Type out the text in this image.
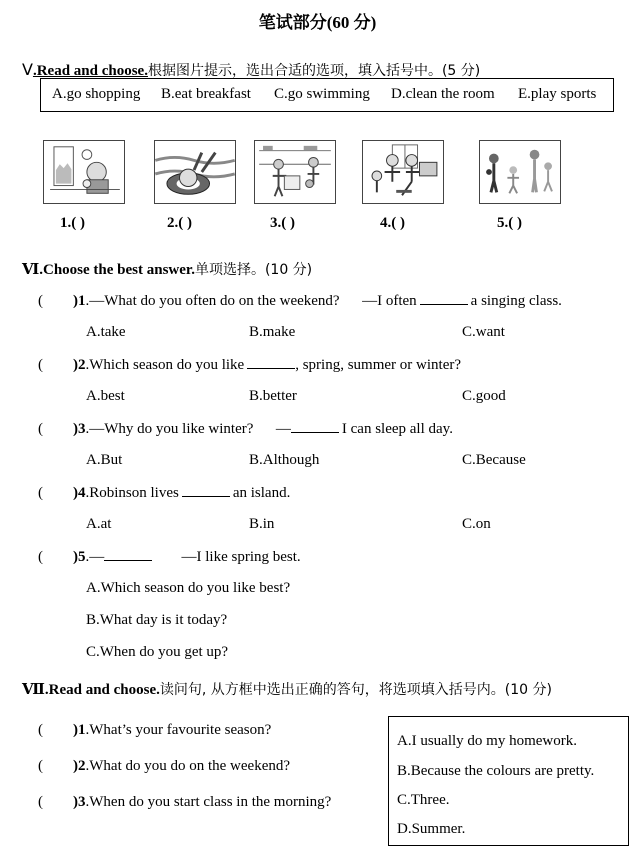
笔试部分(60 分)
Ⅴ.Read and choose.根据图片提示，选出合适的选项，填入括号中。(5 分)
A.go shopping B.eat breakfast C.go swimming D.clean the room E.play sports
1.( )	2.( )	3.( )	4.( )	5.( )
Ⅵ.Choose the best answer.单项选择。(10 分)
( )1.—What do you often do on the weekend?      —I often	a singing class.
A.take	B.make	C.want
( )2.Which season do you like	, spring, summer or winter?
A.best	B.better	C.good
( )3.—Why do you like winter?      —	I can sleep all day.
A.But	B.Although	C.Because
( )4.Robinson lives	an island.
A.at	B.in	C.on
( )5.—	—I like spring best.
A.Which season do you like best?
B.What day is it today?
C.When do you get up?
Ⅶ.Read and choose.读问句, 从方框中选出正确的答句，将选项填入括号内。(10 分)
( )1.What’s your favourite season?
( )2.What do you do on the weekend?
( )3.When do you start class in the morning?
A.I usually do my homework.
B.Because the colours are pretty.
C.Three.
D.Summer.
